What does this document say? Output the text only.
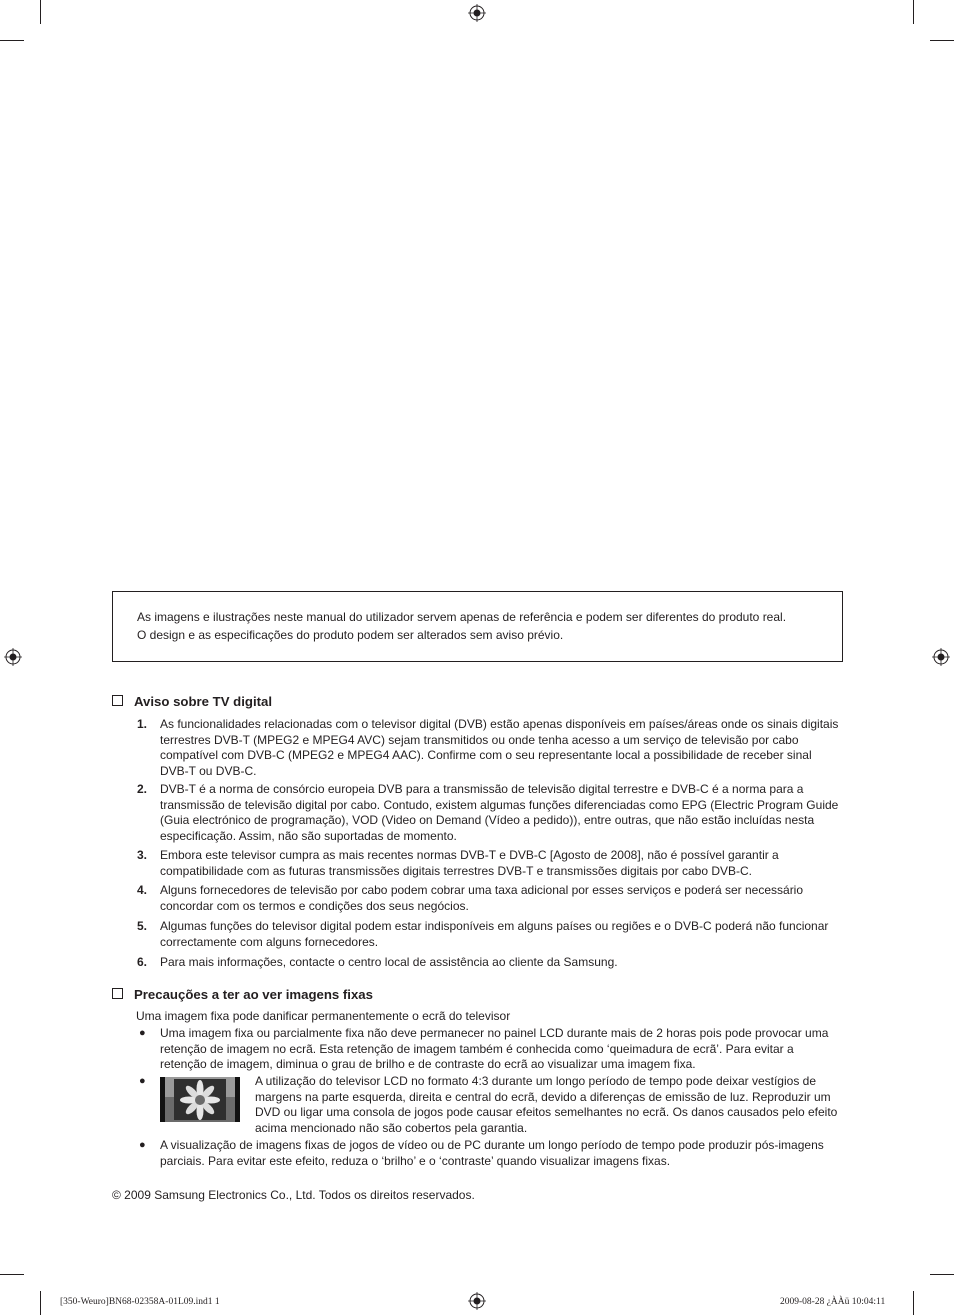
As imagens e ilustrações neste manual do utilizador servem apenas de referência e podem ser diferentes do produto real.

O design e as especificações do produto podem ser alterados sem aviso prévio.

Aviso sobre TV digital
1. As funcionalidades relacionadas com o televisor digital (DVB) estão apenas disponíveis em países/áreas onde os sinais digitais terrestres DVB-T (MPEG2 e MPEG4 AVC) sejam transmitidos ou onde tenha acesso a um serviço de televisão por cabo compatível com DVB-C (MPEG2 e MPEG4 AAC). Confirme com o seu representante local a possibilidade de receber sinal DVB-T ou DVB-C.
2. DVB-T é a norma de consórcio europeia DVB para a transmissão de televisão digital terrestre e DVB-C é a norma para a transmissão de televisão digital por cabo. Contudo, existem algumas funções diferenciadas como EPG (Electric Program Guide (Guia electrónico de programação), VOD (Video on Demand (Vídeo a pedido)), entre outras, que não estão incluídas nesta especificação. Assim, não são suportadas de momento.
3. Embora este televisor cumpra as mais recentes normas DVB-T e DVB-C [Agosto de 2008], não é possível garantir a compatibilidade com as futuras transmissões digitais terrestres DVB-T e transmissões digitais por cabo DVB-C.
4. Alguns fornecedores de televisão por cabo podem cobrar uma taxa adicional por esses serviços e poderá ser necessário concordar com os termos e condições dos seus negócios.
5. Algumas funções do televisor digital podem estar indisponíveis em alguns países ou regiões e o DVB-C poderá não funcionar correctamente com alguns fornecedores.
6. Para mais informações, contacte o centro local de assistência ao cliente da Samsung.
Precauções a ter ao ver imagens fixas
Uma imagem fixa pode danificar permanentemente o ecrã do televisor
● Uma imagem fixa ou parcialmente fixa não deve permanecer no painel LCD durante mais de 2 horas pois pode provocar uma retenção de imagem no ecrã. Esta retenção de imagem também é conhecida como ‘queimadura de ecrã’. Para evitar a retenção de imagem, diminua o grau de brilho e de contraste do ecrã ao visualizar uma imagem fixa.
●	A utilização do televisor LCD no formato 4:3 durante um longo período de tempo pode deixar vestígios de margens na parte esquerda, direita e central do ecrã, devido a diferenças de emissão de luz. Reproduzir um DVD ou ligar uma consola de jogos pode causar efeitos semelhantes no ecrã. Os danos causados pelo efeito acima mencionado não são cobertos pela garantia.
● A visualização de imagens fixas de jogos de vídeo ou de PC durante um longo período de tempo pode produzir pós-imagens parciais. Para evitar este efeito, reduza o ‘brilho’ e o ‘contraste’ quando visualizar imagens fixas.
© 2009 Samsung Electronics Co., Ltd. Todos os direitos reservados.
[350-Weuro]BN68-02358A-01L09.ind1 1	2009-08-28 ¿ÀÀü 10:04:11
